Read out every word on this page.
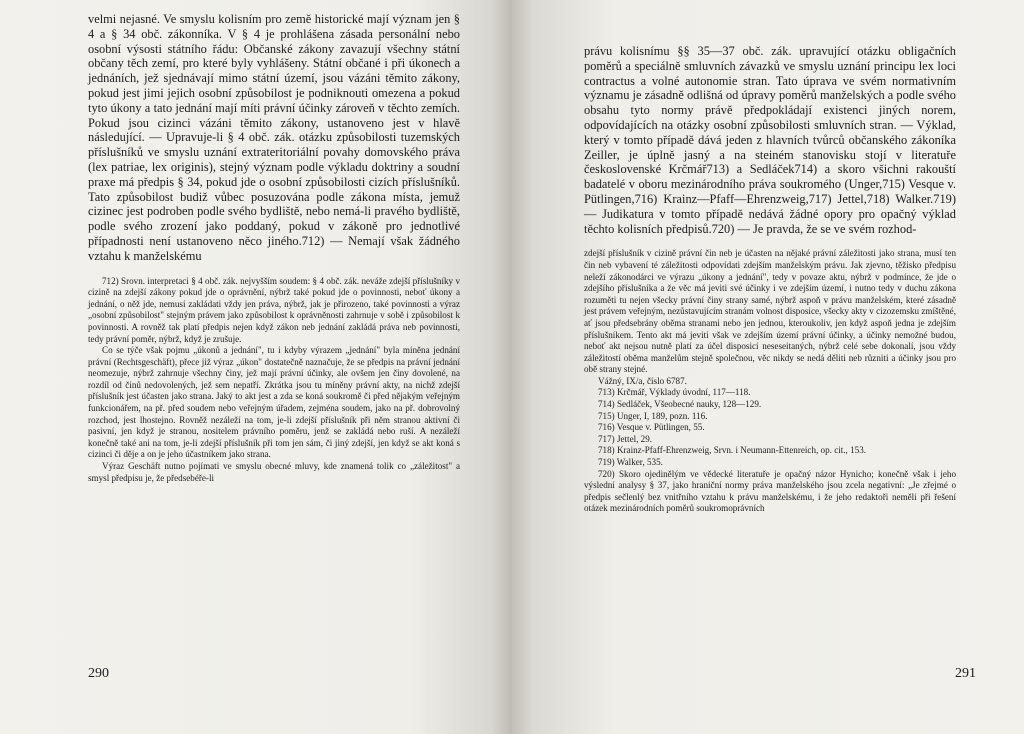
velmi nejasné. Ve smyslu kolisním pro země historické mají význam jen § 4 a § 34 obč. zákonníka. V § 4 je prohlášena zásada personální nebo osobní výsosti státního řádu: Občanské zákony zavazují všechny státní občany těch zemí, pro které byly vyhlášeny. Státní občané i při úkonech a jednáních, jež sjednávají mimo státní území, jsou vázáni těmito zákony, pokud jest jimi jejich osobní způsobilost je podniknouti omezena a pokud tyto úkony a tato jednání mají míti právní účinky zároveň v těchto zemích. Pokud jsou cizinci vázáni těmito zákony, ustanoveno jest v hlavě následující. — Upravuje-li § 4 obč. zák. otázku způsobilosti tuzemských příslušníků ve smyslu uznání extrateritoriální povahy domovského práva (lex patriae, lex originis), stejný význam podle výkladu doktriny a soudní praxe má předpis § 34, pokud jde o osobní způsobilosti cizích příslušníků. Tato způsobilost budiž vůbec posuzována podle zákona místa, jemuž cizinec jest podroben podle svého bydliště, nebo nemá-li pravého bydliště, podle svého zrození jako poddaný, pokud v zákoně pro jednotlivé případnosti není ustanoveno něco jiného.712) — Nemají však žádného vztahu k manželskému

712) Srovn. interpretaci § 4 obč. zák. nejvyšším soudem: § 4 obč. zák. neváže zdejší příslušníky v cizině na zdejší zákony pokud jde o oprávnění, nýbrž také pokud jde o povinnosti, neboť úkony a jednání, o něž jde, nemusí zakládati vždy jen práva, nýbrž, jak je přirozeno, také povinnosti a výraz „osobní způsobilost" stejným právem jako způsobilost k oprávněnosti zahrnuje v sobě i způsobilost k povinnosti. A rovněž tak platí předpis nejen když zákon neb jednání zakládá práva neb povinnosti, tedy právní poměr, nýbrž, když je zrušuje.

Co se týče však pojmu „úkonů a jednání", tu i kdyby výrazem „jednání" byla míněna jednání právní (Rechtsgeschäft), přece již výraz „úkon" dostatečně naznačuje, že se předpis na právní jednání neomezuje, nýbrž zahrnuje všechny činy, jež mají právní účinky, ale ovšem jen činy dovolené, na rozdíl od činů nedovolených, jež sem nepatří. Zkrátka jsou tu míněny právní akty, na nichž zdejší příslušník jest účasten jako strana. Jaký to akt jest a zda se koná soukromě či před nějakým veřejným funkcionářem, na př. před soudem nebo veřejným úřadem, zejména soudem, jako na př. dobrovolný rozchod, jest lhostejno. Rovněž nezáleží na tom, je-li zdejší příslušník při něm stranou aktivní či pasivní, jen když je stranou, nositelem právního poměru, jenž se zakládá nebo ruší. A nezáleží konečně také ani na tom, je-li zdejší příslušník při tom jen sám, či jiný zdejší, jen když se akt koná s cizinci či děje a on je jeho účastníkem jako strana.

Výraz Geschäft nutno pojímati ve smyslu obecné mluvy, kde znamená tolik co „záležitost" a smysl předpisu je, že předsebéře-li

290

právu kolisnímu §§ 35—37 obč. zák. upravující otázku obligačních poměrů a speciálně smluvních závazků ve smyslu uznání principu lex loci contractus a volné autonomie stran. Tato úprava ve svém normativním významu je zásadně odlišná od úpravy poměrů manželských a podle svého obsahu tyto normy právě předpokládají existenci jiných norem, odpovídajících na otázky osobní způsobilosti smluvních stran. — Výklad, který v tomto případě dává jeden z hlavních tvůrců občanského zákoníka Zeiller, je úplně jasný a na steiném stanovisku stojí v literatuře československé Krčmář713) a Sedláček714) a skoro všichni rakouští badatelé v oboru mezinárodního práva soukromého (Unger,715) Vesque v. Pütlingen,716) Krainz—Pfaff—Ehrenzweig,717) Jettel,718) Walker.719) — Judikatura v tomto případě nedává žádné opory pro opačný výklad těchto kolisních předpisů.720) — Je pravda, že se ve svém rozhod-

zdejší příslušník v cizině právní čin neb je účasten na nějaké právní záležitosti jako strana, musí ten čin neb vybavení té záležitosti odpovídati zdejším manželským právu. Jak zjevno, těžisko předpisu neleží zákonodárci ve výrazu „úkony a jednání", tedy v povaze aktu, nýbrž v podmínce, že jde o zdejšího příslušníka a že věc má jeviti své účinky i ve zdejším území, i nutno tedy v duchu zákona rozuměti tu nejen všecky právní činy strany samé, nýbrž aspoň v právu manželském, které zásadně jest právem veřejným, nezůstavujícím stranám volnost disposice, všecky akty v cizozemsku zmíštěné, ať jsou předsebrány oběma stranami nebo jen jednou, kteroukoliv, jen když aspoň jedna je zdejším příslušníkem. Tento akt má jeviti však ve zdejším území právní účinky, a účinky nemožné budou, neboť akt nejsou nutně platí za účel disposicí neseseitaných, nýbrž celé sebe dokonalí, jsou vždy záležitostí oběma manželům stejně společnou, věc nikdy se nedá děliti neb různiti a účinky jsou pro obě strany stejné.

Vážný, IX/a, číslo 6787.

713) Krčmář, Výklady úvodní, 117—118.

714) Sedláček, Všeobecné nauky, 128—129.

715) Unger, I, 189, pozn. 116.

716) Vesque v. Pütlingen, 55.

717) Jettel, 29.

718) Krainz-Pfaff-Ehrenzweig, Srvn. i Neumann-Ettenreich, op. cit., 153.

719) Walker, 535.

720) Skoro ojedinělým ve vědecké literatuře je opačný názor Hynicho; konečně však i jeho výslední analysy § 37, jako hraniční normy práva manželského jsou zcela negativní: „Je zřejmé o předpis sečlenlý bez vnitřního vztahu k právu manželskému, i že jeho redaktoři neměli při řešení otázek mezinárodních poměrů soukromoprávních

291
